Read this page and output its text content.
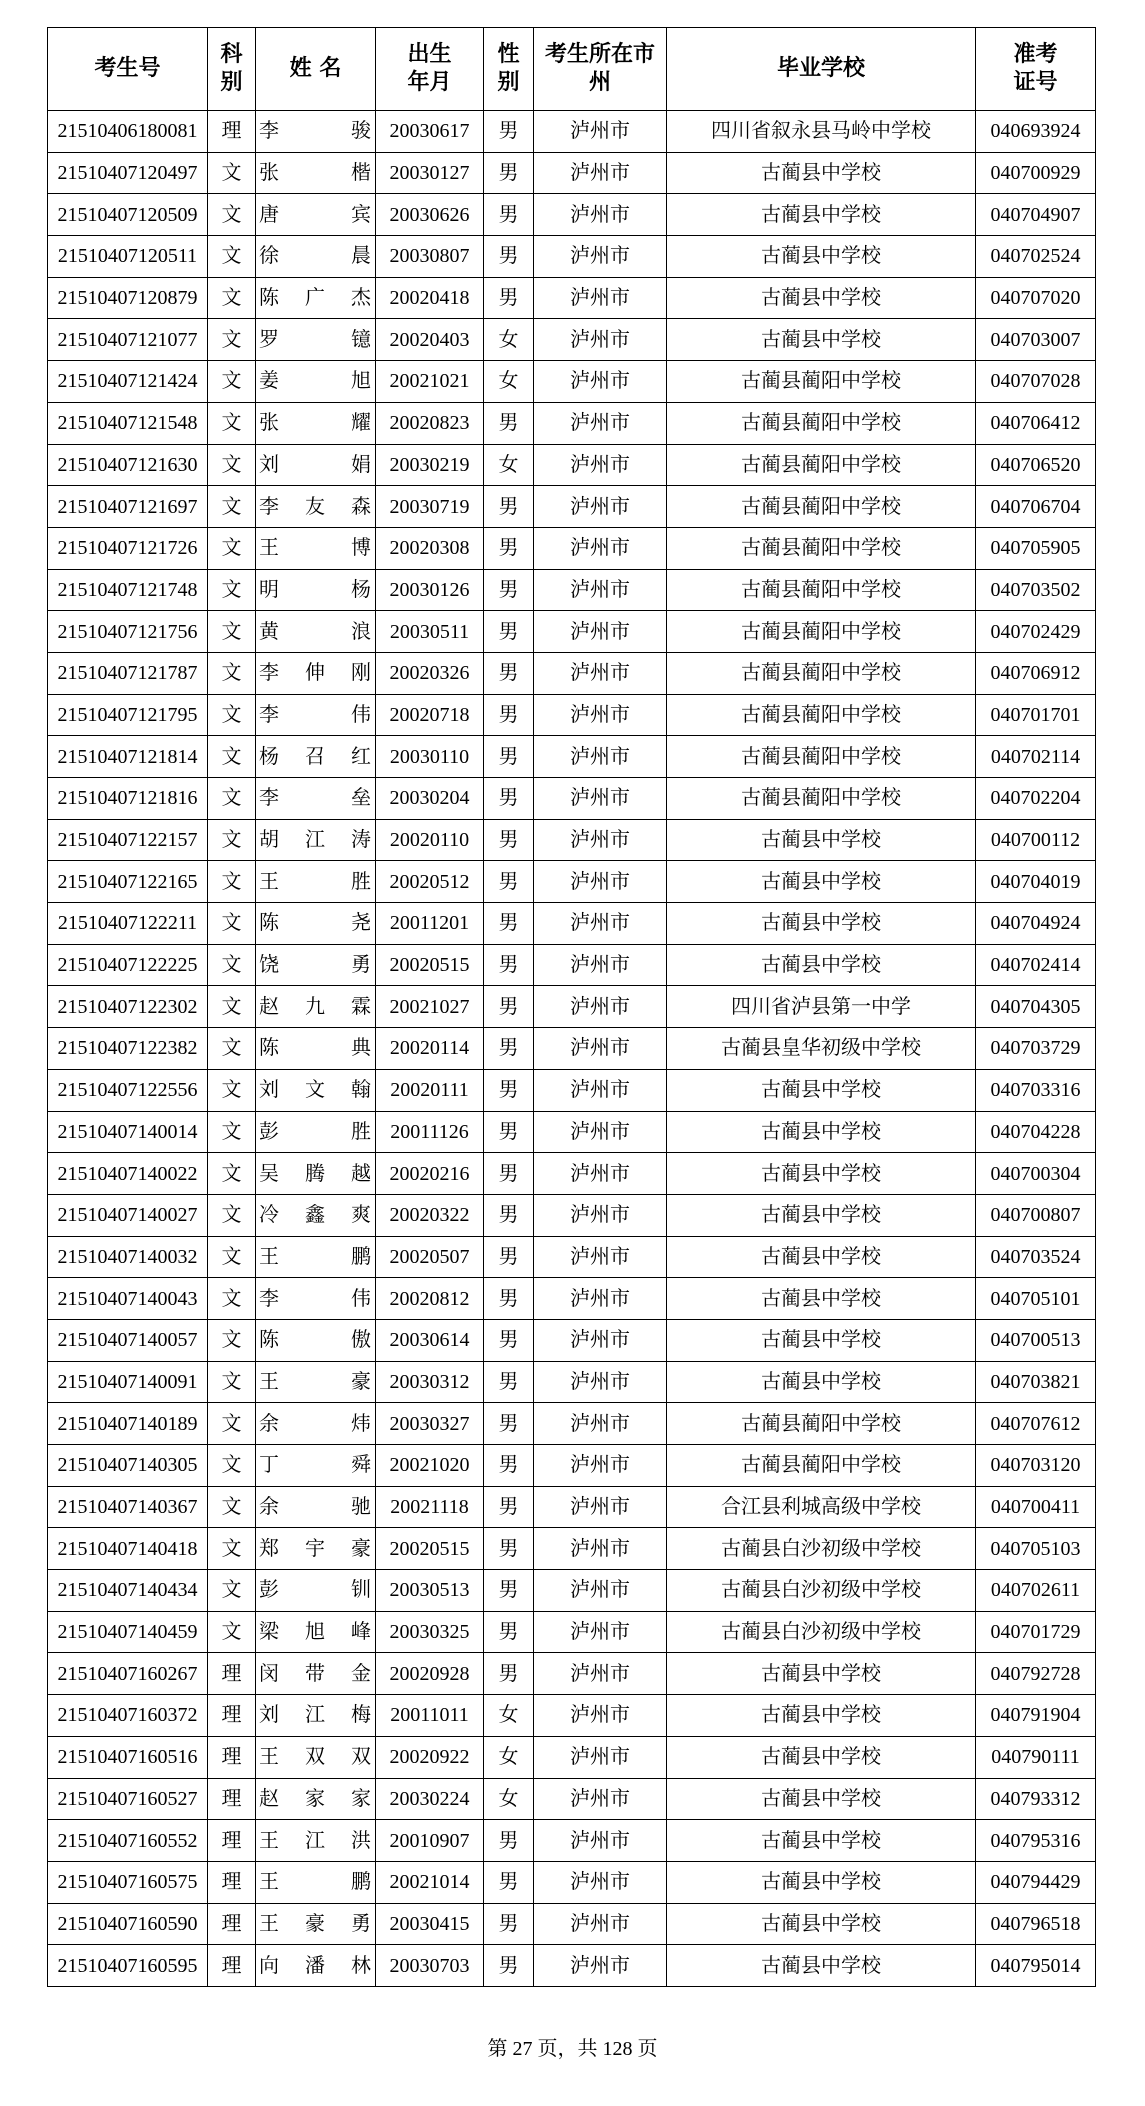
考生号	科别	姓 名	出生年月	性别	考生所在市州	毕业学校	准考证号

21510406180081	理	李 骏	20030617	男	泸州市	四川省叙永县马岭中学校	040693924
21510407120497	文	张 楷	20030127	男	泸州市	古蔺县中学校	040700929
21510407120509	文	唐 宾	20030626	男	泸州市	古蔺县中学校	040704907
21510407120511	文	徐 晨	20030807	男	泸州市	古蔺县中学校	040702524
21510407120879	文	陈 广 杰	20020418	男	泸州市	古蔺县中学校	040707020
21510407121077	文	罗 镱	20020403	女	泸州市	古蔺县中学校	040703007
21510407121424	文	姜 旭	20021021	女	泸州市	古蔺县蔺阳中学校	040707028
21510407121548	文	张 耀	20020823	男	泸州市	古蔺县蔺阳中学校	040706412
21510407121630	文	刘 娟	20030219	女	泸州市	古蔺县蔺阳中学校	040706520
21510407121697	文	李 友 森	20030719	男	泸州市	古蔺县蔺阳中学校	040706704
21510407121726	文	王 博	20020308	男	泸州市	古蔺县蔺阳中学校	040705905
21510407121748	文	明 杨	20030126	男	泸州市	古蔺县蔺阳中学校	040703502
21510407121756	文	黄 浪	20030511	男	泸州市	古蔺县蔺阳中学校	040702429
21510407121787	文	李 伸 刚	20020326	男	泸州市	古蔺县蔺阳中学校	040706912
21510407121795	文	李 伟	20020718	男	泸州市	古蔺县蔺阳中学校	040701701
21510407121814	文	杨 召 红	20030110	男	泸州市	古蔺县蔺阳中学校	040702114
21510407121816	文	李 垒	20030204	男	泸州市	古蔺县蔺阳中学校	040702204
21510407122157	文	胡 江 涛	20020110	男	泸州市	古蔺县中学校	040700112
21510407122165	文	王 胜	20020512	男	泸州市	古蔺县中学校	040704019
21510407122211	文	陈 尧	20011201	男	泸州市	古蔺县中学校	040704924
21510407122225	文	饶 勇	20020515	男	泸州市	古蔺县中学校	040702414
21510407122302	文	赵 九 霖	20021027	男	泸州市	四川省泸县第一中学	040704305
21510407122382	文	陈 典	20020114	男	泸州市	古蔺县皇华初级中学校	040703729
21510407122556	文	刘 文 翰	20020111	男	泸州市	古蔺县中学校	040703316
21510407140014	文	彭 胜	20011126	男	泸州市	古蔺县中学校	040704228
21510407140022	文	吴 腾 越	20020216	男	泸州市	古蔺县中学校	040700304
21510407140027	文	冷 鑫 爽	20020322	男	泸州市	古蔺县中学校	040700807
21510407140032	文	王 鹏	20020507	男	泸州市	古蔺县中学校	040703524
21510407140043	文	李 伟	20020812	男	泸州市	古蔺县中学校	040705101
21510407140057	文	陈 傲	20030614	男	泸州市	古蔺县中学校	040700513
21510407140091	文	王 豪	20030312	男	泸州市	古蔺县中学校	040703821
21510407140189	文	余 炜	20030327	男	泸州市	古蔺县蔺阳中学校	040707612
21510407140305	文	丁 舜	20021020	男	泸州市	古蔺县蔺阳中学校	040703120
21510407140367	文	余 驰	20021118	男	泸州市	合江县利城高级中学校	040700411
21510407140418	文	郑 宇 豪	20020515	男	泸州市	古蔺县白沙初级中学校	040705103
21510407140434	文	彭 钏	20030513	男	泸州市	古蔺县白沙初级中学校	040702611
21510407140459	文	梁 旭 峰	20030325	男	泸州市	古蔺县白沙初级中学校	040701729
21510407160267	理	闵 带 金	20020928	男	泸州市	古蔺县中学校	040792728
21510407160372	理	刘 江 梅	20011011	女	泸州市	古蔺县中学校	040791904
21510407160516	理	王 双 双	20020922	女	泸州市	古蔺县中学校	040790111
21510407160527	理	赵 家 家	20030224	女	泸州市	古蔺县中学校	040793312
21510407160552	理	王 江 洪	20010907	男	泸州市	古蔺县中学校	040795316
21510407160575	理	王 鹏	20021014	男	泸州市	古蔺县中学校	040794429
21510407160590	理	王 豪 勇	20030415	男	泸州市	古蔺县中学校	040796518
21510407160595	理	向 潘 林	20030703	男	泸州市	古蔺县中学校	040795014
第 27 页，共 128 页
